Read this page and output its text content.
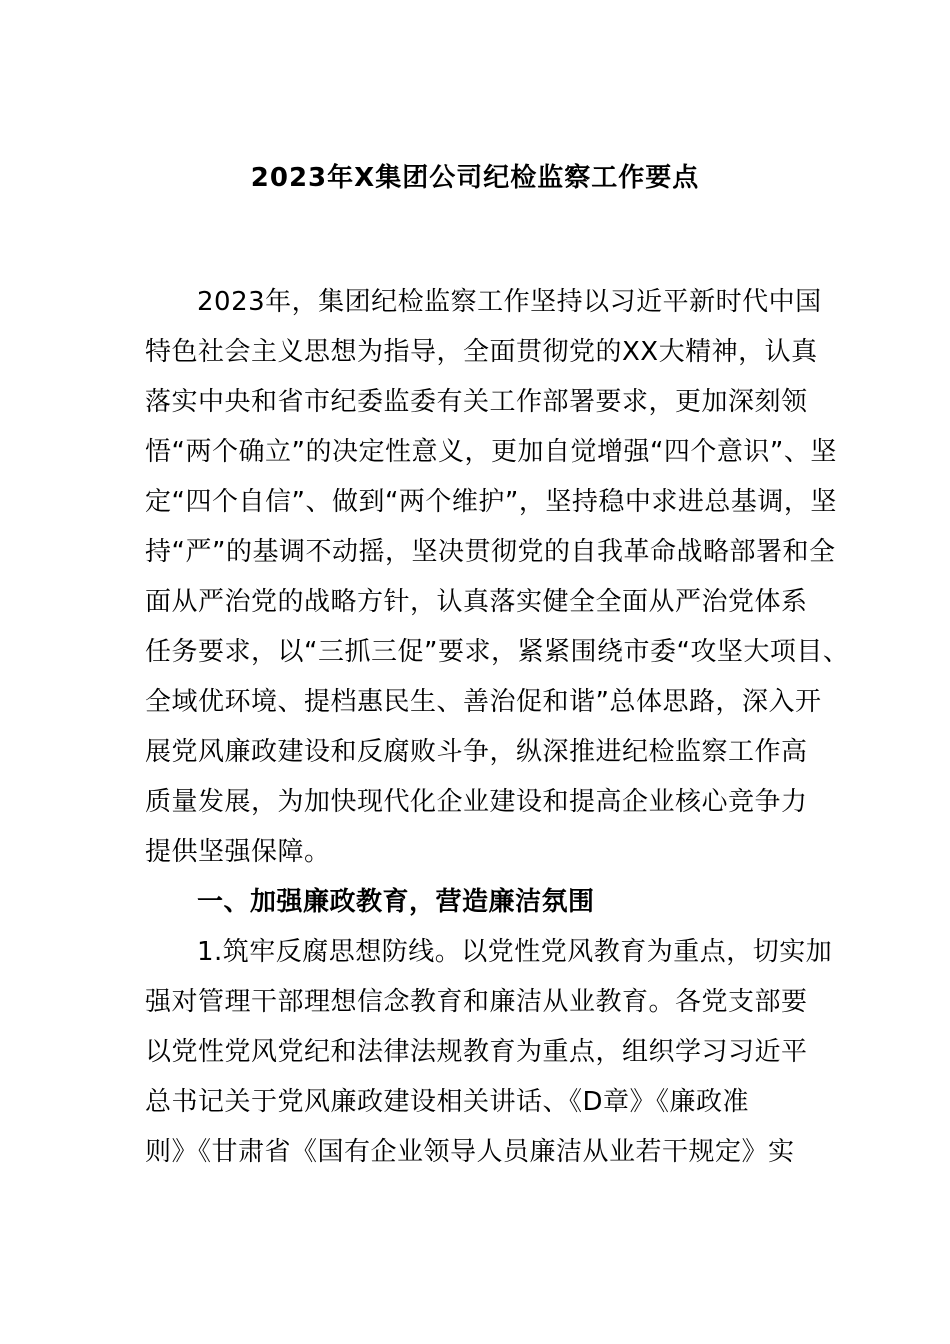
2023年X集团公司纪检监察工作要点
2023年，集团纪检监察工作坚持以习近平新时代中国
特色社会主义思想为指导，全面贯彻党的XX大精神，认真
落实中央和省市纪委监委有关工作部署要求，更加深刻领
悟“两个确立”的决定性意义，更加自觉增强“四个意识”、坚
定“四个自信”、做到“两个维护”，坚持稳中求进总基调，坚
持“严”的基调不动摇，坚决贯彻党的自我革命战略部署和全
面从严治党的战略方针，认真落实健全全面从严治党体系
任务要求，以“三抓三促”要求，紧紧围绕市委“攻坚大项目、
全域优环境、提档惠民生、善治促和谐”总体思路，深入开
展党风廉政建设和反腐败斗争，纵深推进纪检监察工作高
质量发展，为加快现代化企业建设和提高企业核心竞争力
提供坚强保障。
一、加强廉政教育，营造廉洁氛围
1.筑牢反腐思想防线。以党性党风教育为重点，切实加
强对管理干部理想信念教育和廉洁从业教育。各党支部要
以党性党风党纪和法律法规教育为重点，组织学习习近平
总书记关于党风廉政建设相关讲话、《D章》《廉政准
则》《甘肃省《国有企业领导人员廉洁从业若干规定》实
